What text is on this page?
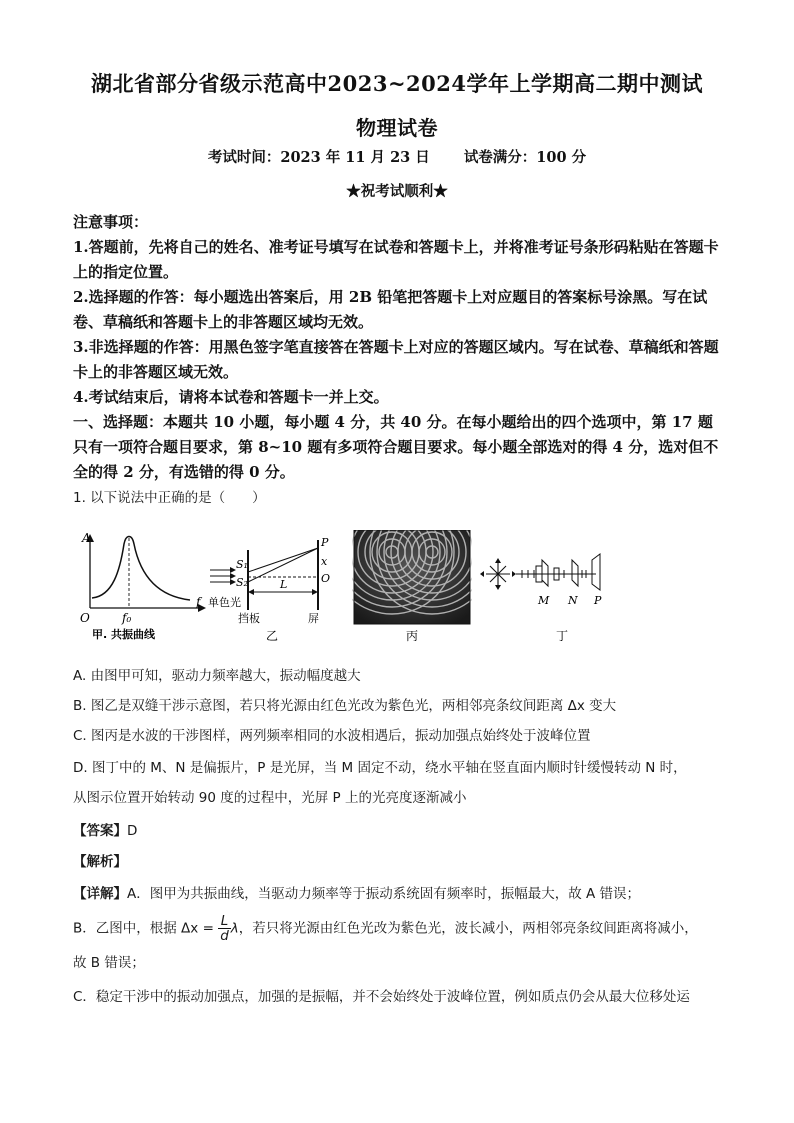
湖北省部分省级示范高中2023~2024学年上学期高二期中测试
物理试卷
考试时间：2023 年 11 月 23 日 试卷满分：100 分
★祝考试顺利★
注意事项：
1.答题前，先将自己的姓名、准考证号填写在试卷和答题卡上，并将准考证号条形码粘贴在答题卡上的指定位置。
2.选择题的作答：每小题选出答案后，用 2B 铅笔把答题卡上对应题目的答案标号涂黑。写在试卷、草稿纸和答题卡上的非答题区域均无效。
3.非选择题的作答：用黑色签字笔直接答在答题卡上对应的答题区域内。写在试卷、草稿纸和答题卡上的非答题区域无效。
4.考试结束后，请将本试卷和答题卡一并上交。
一、选择题：本题共 10 小题，每小题 4 分，共 40 分。在每小题给出的四个选项中，第 17 题只有一项符合题目要求，第 8~10 题有多项符合题目要求。每小题全部选对的得 4 分，选对但不全的得 2 分，有选错的得 0 分。
1. 以下说法中正确的是（　　）
A
f
O	f₀
甲. 共振曲线
S₁
S₂
单色光
L
P
x
O
挡板	屏
乙	丙
M N P
丁
A. 由图甲可知，驱动力频率越大，振动幅度越大
B. 图乙是双缝干涉示意图，若只将光源由红色光改为紫色光，两相邻亮条纹间距离 Δx 变大
C. 图丙是水波的干涉图样，两列频率相同的水波相遇后，振动加强点始终处于波峰位置
D. 图丁中的 M、N 是偏振片，P 是光屏，当 M 固定不动，绕水平轴在竖直面内顺时针缓慢转动 N 时，
从图示位置开始转动 90 度的过程中，光屏 P 上的光亮度逐渐减小
【答案】D
【解析】
【详解】A．图甲为共振曲线，当驱动力频率等于振动系统固有频率时，振幅最大，故 A 错误；
B．乙图中，根据 $\Delta x = \frac{L}{d}$ λ，若只将光源由红色光改为紫色光，波长减小，两相邻亮条纹间距离将减小，
故 B 错误；
C．稳定干涉中的振动加强点，加强的是振幅，并不会始终处于波峰位置，例如质点仍会从最大位移处运
